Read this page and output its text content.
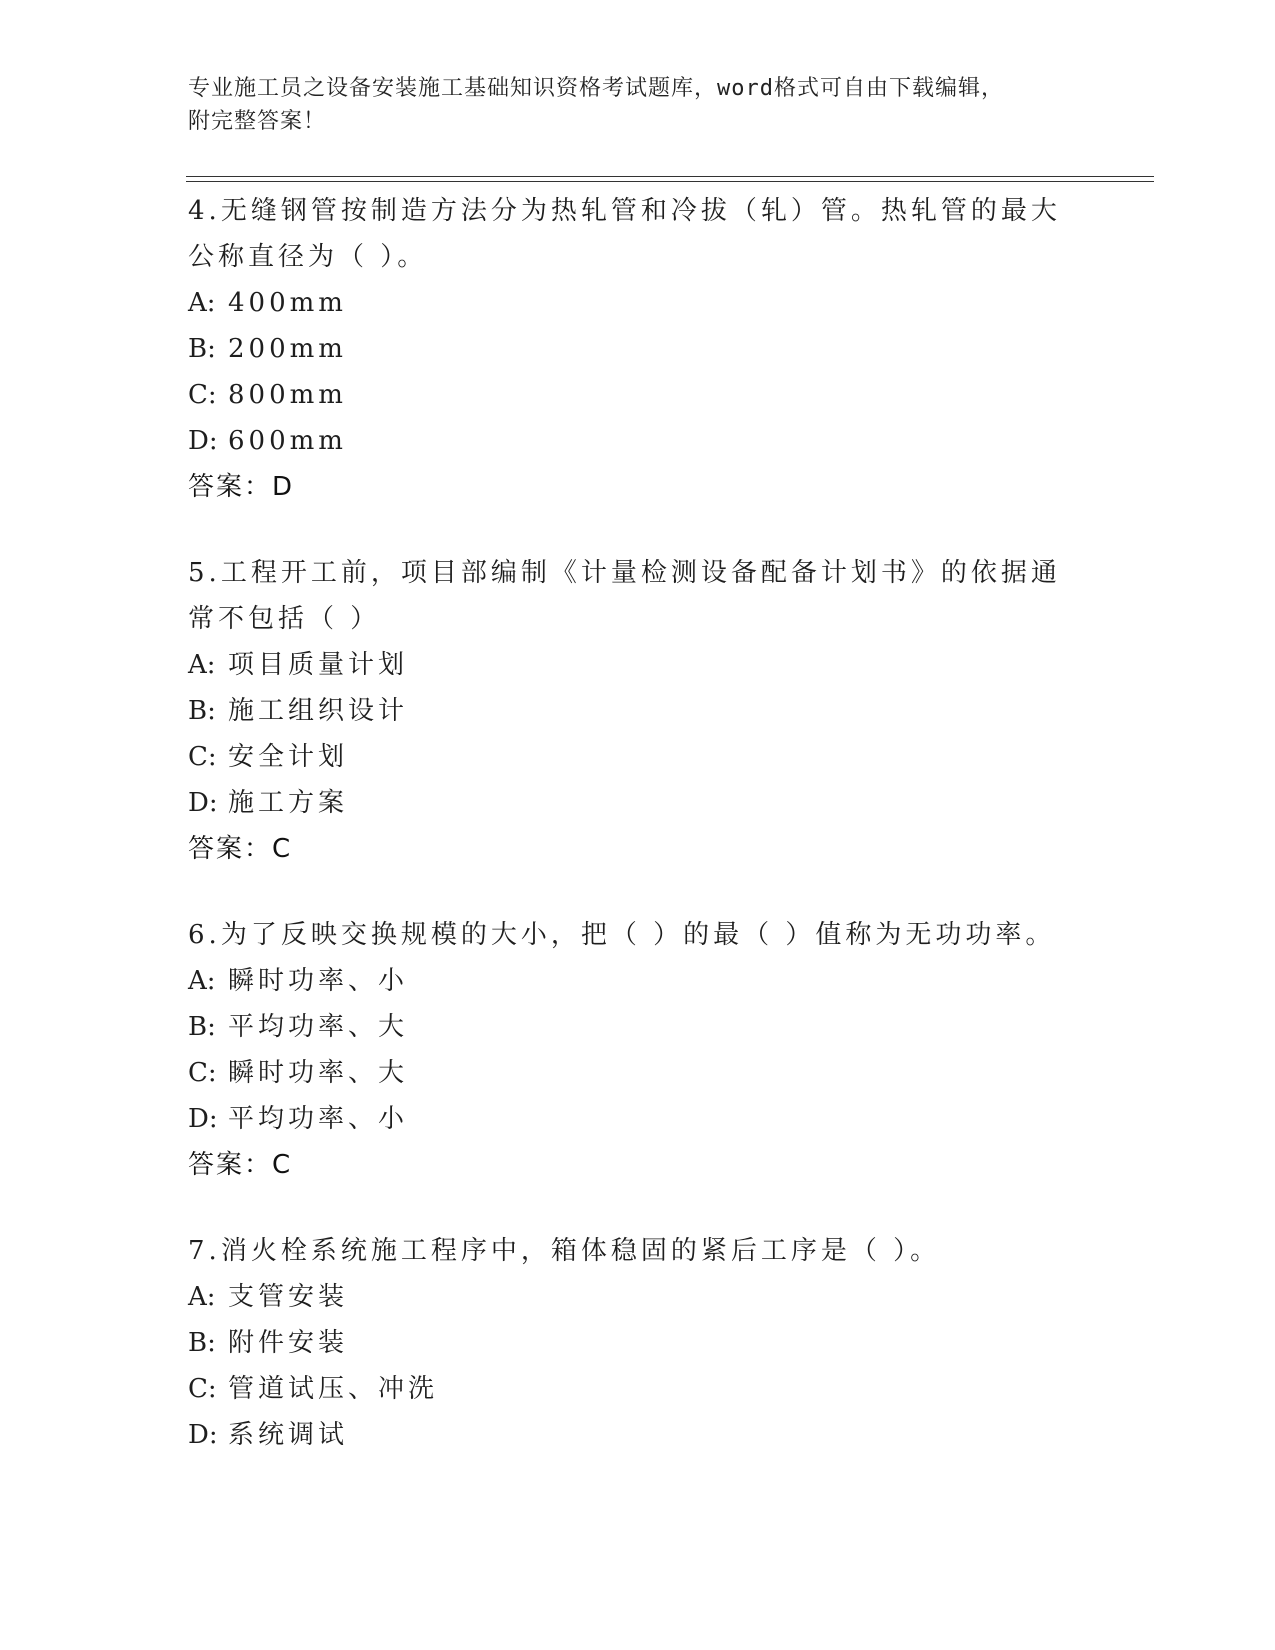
专业施工员之设备安装施工基础知识资格考试题库，word格式可自由下载编辑，
附完整答案！

4.无缝钢管按制造方法分为热轧管和冷拔（轧）管。热轧管的最大公称直径为（ ）。

A: 400mm

B: 200mm

C: 800mm

D: 600mm

答案：D

5.工程开工前，项目部编制《计量检测设备配备计划书》的依据通常不包括（ ）

A: 项目质量计划

B: 施工组织设计

C: 安全计划

D: 施工方案

答案：C

6.为了反映交换规模的大小，把（ ）的最（ ）值称为无功功率。

A: 瞬时功率、小

B: 平均功率、大

C: 瞬时功率、大

D: 平均功率、小

答案：C

7.消火栓系统施工程序中，箱体稳固的紧后工序是（ ）。

A: 支管安装

B: 附件安装

C: 管道试压、冲洗

D: 系统调试
